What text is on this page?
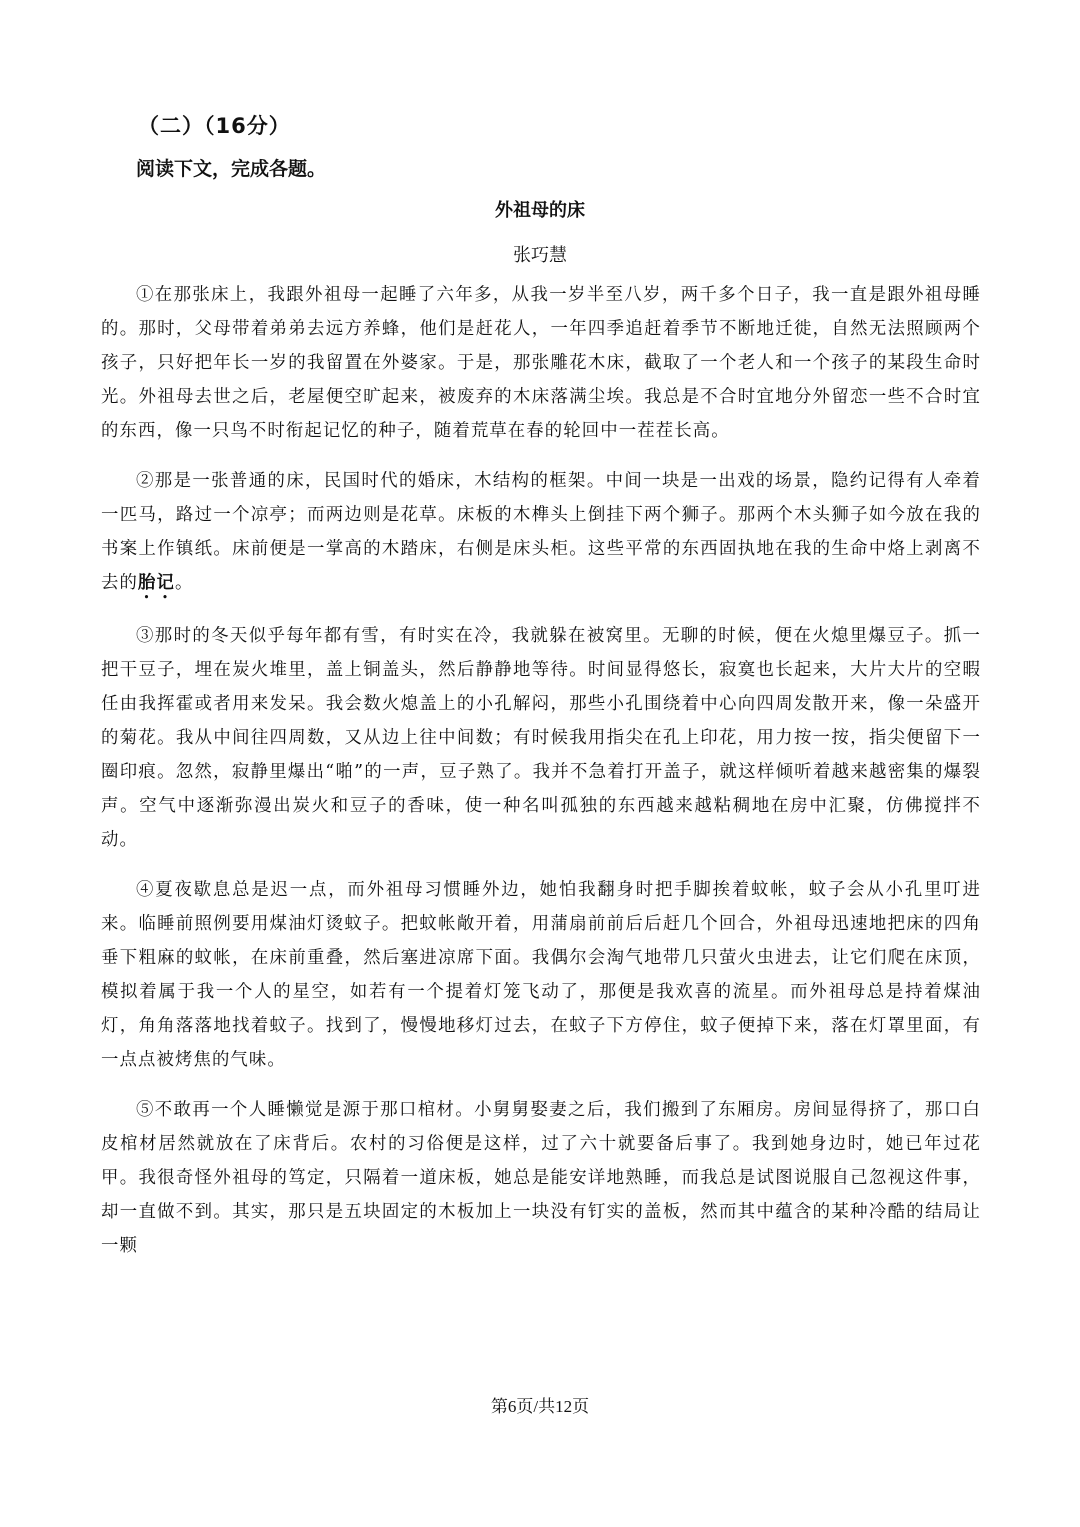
（二）（16分）
阅读下文，完成各题。
外祖母的床
张巧慧

①在那张床上，我跟外祖母一起睡了六年多，从我一岁半至八岁，两千多个日子，我一直是跟外祖母睡的。那时，父母带着弟弟去远方养蜂，他们是赶花人，一年四季追赶着季节不断地迁徙，自然无法照顾两个孩子，只好把年长一岁的我留置在外婆家。于是，那张雕花木床，截取了一个老人和一个孩子的某段生命时光。外祖母去世之后，老屋便空旷起来，被废弃的木床落满尘埃。我总是不合时宜地分外留恋一些不合时宜的东西，像一只鸟不时衔起记忆的种子，随着荒草在春的轮回中一茬茬长高。

②那是一张普通的床，民国时代的婚床，木结构的框架。中间一块是一出戏的场景，隐约记得有人牵着一匹马，路过一个凉亭；而两边则是花草。床板的木榫头上倒挂下两个狮子。那两个木头狮子如今放在我的书案上作镇纸。床前便是一掌高的木踏床，右侧是床头柜。这些平常的东西固执地在我的生命中烙上剥离不去的胎记。

③那时的冬天似乎每年都有雪，有时实在冷，我就躲在被窝里。无聊的时候，便在火熄里爆豆子。抓一把干豆子，埋在炭火堆里，盖上铜盖头，然后静静地等待。时间显得悠长，寂寞也长起来，大片大片的空暇任由我挥霍或者用来发呆。我会数火熄盖上的小孔解闷，那些小孔围绕着中心向四周发散开来，像一朵盛开的菊花。我从中间往四周数，又从边上往中间数；有时候我用指尖在孔上印花，用力按一按，指尖便留下一圈印痕。忽然，寂静里爆出“啪”的一声，豆子熟了。我并不急着打开盖子，就这样倾听着越来越密集的爆裂声。空气中逐渐弥漫出炭火和豆子的香味，使一种名叫孤独的东西越来越粘稠地在房中汇聚，仿佛搅拌不动。

④夏夜歇息总是迟一点，而外祖母习惯睡外边，她怕我翻身时把手脚挨着蚊帐，蚊子会从小孔里叮进来。临睡前照例要用煤油灯烫蚊子。把蚊帐敞开着，用蒲扇前前后后赶几个回合，外祖母迅速地把床的四角垂下粗麻的蚊帐，在床前重叠，然后塞进凉席下面。我偶尔会淘气地带几只萤火虫进去，让它们爬在床顶，模拟着属于我一个人的星空，如若有一个提着灯笼飞动了，那便是我欢喜的流星。而外祖母总是持着煤油灯，角角落落地找着蚊子。找到了，慢慢地移灯过去，在蚊子下方停住，蚊子便掉下来，落在灯罩里面，有一点点被烤焦的气味。

⑤不敢再一个人睡懒觉是源于那口棺材。小舅舅娶妻之后，我们搬到了东厢房。房间显得挤了，那口白皮棺材居然就放在了床背后。农村的习俗便是这样，过了六十就要备后事了。我到她身边时，她已年过花甲。我很奇怪外祖母的笃定，只隔着一道床板，她总是能安详地熟睡，而我总是试图说服自己忽视这件事，却一直做不到。其实，那只是五块固定的木板加上一块没有钉实的盖板，然而其中蕴含的某种冷酷的结局让一颗

第6页/共12页
